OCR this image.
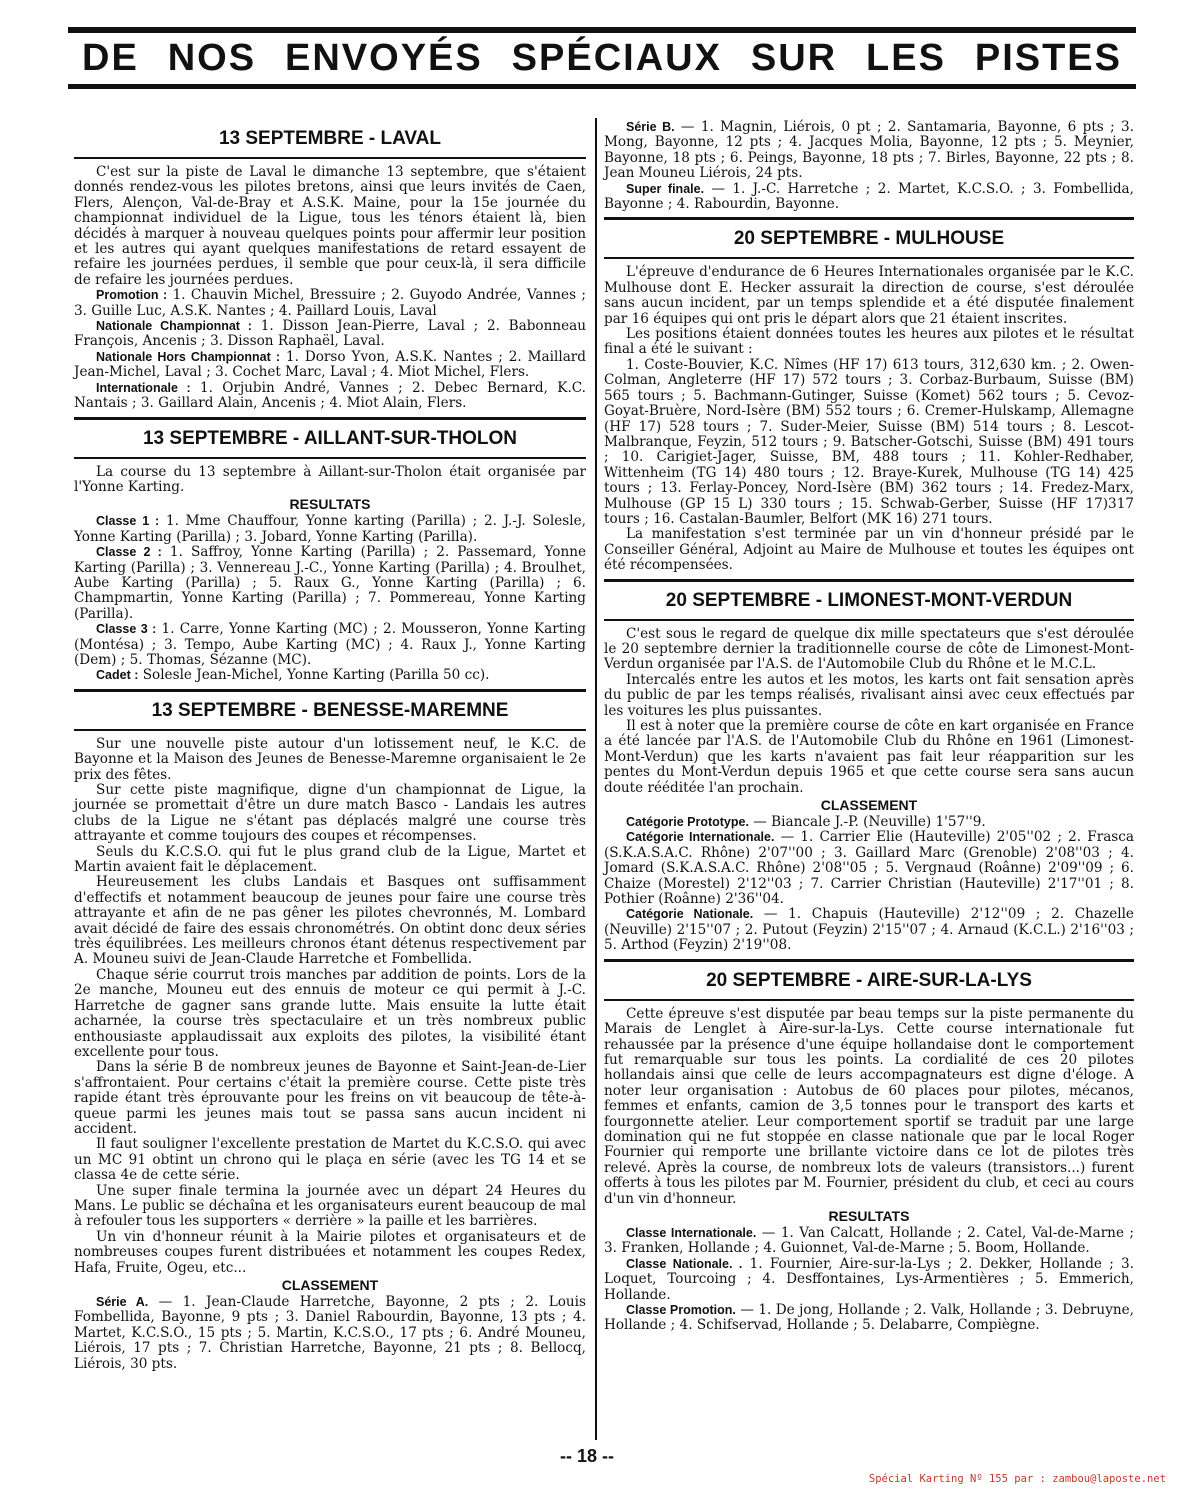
DE NOS ENVOYÉS SPÉCIAUX SUR LES PISTES
13 SEPTEMBRE - LAVAL

C'est sur la piste de Laval le dimanche 13 septembre, que s'étaient donnés rendez-vous les pilotes bretons, ainsi que leurs invités de Caen, Flers, Alençon, Val-de-Bray et A.S.K. Maine, pour la 15e journée du championnat individuel de la Ligue, tous les ténors étaient là, bien décidés à marquer à nouveau quelques points pour affermir leur position et les autres qui ayant quelques manifestations de retard essayent de refaire les journées perdues, il semble que pour ceux-là, il sera difficile de refaire les journées perdues.

Promotion : 1. Chauvin Michel, Bressuire ; 2. Guyodo Andrée, Vannes ; 3. Guille Luc, A.S.K. Nantes ; 4. Paillard Louis, Laval

Nationale Championnat : 1. Disson Jean-Pierre, Laval ; 2. Babonneau François, Ancenis ; 3. Disson Raphaël, Laval.

Nationale Hors Championnat : 1. Dorso Yvon, A.S.K. Nantes ; 2. Maillard Jean-Michel, Laval ; 3. Cochet Marc, Laval ; 4. Miot Michel, Flers.

Internationale : 1. Orjubin André, Vannes ; 2. Debec Bernard, K.C. Nantais ; 3. Gaillard Alain, Ancenis ; 4. Miot Alain, Flers.

13 SEPTEMBRE - AILLANT-SUR-THOLON

La course du 13 septembre à Aillant-sur-Tholon était organisée par l'Yonne Karting.

RESULTATS

Classe 1 : 1. Mme Chauffour, Yonne karting (Parilla) ; 2. J.-J. Solesle, Yonne Karting (Parilla) ; 3. Jobard, Yonne Karting (Parilla).

Classe 2 : 1. Saffroy, Yonne Karting (Parilla) ; 2. Passemard, Yonne Karting (Parilla) ; 3. Vennereau J.-C., Yonne Karting (Parilla) ; 4. Broulhet, Aube Karting (Parilla) ; 5. Raux G., Yonne Karting (Parilla) ; 6. Champmartin, Yonne Karting (Parilla) ; 7. Pommereau, Yonne Karting (Parilla).

Classe 3 : 1. Carre, Yonne Karting (MC) ; 2. Mousseron, Yonne Karting (Montésa) ; 3. Tempo, Aube Karting (MC) ; 4. Raux J., Yonne Karting (Dem) ; 5. Thomas, Sézanne (MC).

Cadet : Solesle Jean-Michel, Yonne Karting (Parilla 50 cc).

13 SEPTEMBRE - BENESSE-MAREMNE

Sur une nouvelle piste autour d'un lotissement neuf, le K.C. de Bayonne et la Maison des Jeunes de Benesse-Maremne organisaient le 2e prix des fêtes.

Sur cette piste magnifique, digne d'un championnat de Ligue, la journée se promettait d'être un dure match Basco - Landais les autres clubs de la Ligue ne s'étant pas déplacés malgré une course très attrayante et comme toujours des coupes et récompenses.

Seuls du K.C.S.O. qui fut le plus grand club de la Ligue, Martet et Martin avaient fait le déplacement.

Heureusement les clubs Landais et Basques ont suffisamment d'effectifs et notamment beaucoup de jeunes pour faire une course très attrayante et afin de ne pas gêner les pilotes chevronnés, M. Lombard avait décidé de faire des essais chronométrés. On obtint donc deux séries très équilibrées. Les meilleurs chronos étant détenus respectivement par A. Mouneu suivi de Jean-Claude Harretche et Fombellida.

Chaque série courrut trois manches par addition de points. Lors de la 2e manche, Mouneu eut des ennuis de moteur ce qui permit à J.-C. Harretche de gagner sans grande lutte. Mais ensuite la lutte était acharnée, la course très spectaculaire et un très nombreux public enthousiaste applaudissait aux exploits des pilotes, la visibilité étant excellente pour tous.

Dans la série B de nombreux jeunes de Bayonne et Saint-Jean-de-Lier s'affrontaient. Pour certains c'était la première course. Cette piste très rapide étant très éprouvante pour les freins on vit beaucoup de tête-à-queue parmi les jeunes mais tout se passa sans aucun incident ni accident.

Il faut souligner l'excellente prestation de Martet du K.C.S.O. qui avec un MC 91 obtint un chrono qui le plaça en série (avec les TG 14 et se classa 4e de cette série.

Une super finale termina la journée avec un départ 24 Heures du Mans. Le public se déchaîna et les organisateurs eurent beaucoup de mal à refouler tous les supporters « derrière » la paille et les barrières.

Un vin d'honneur réunit à la Mairie pilotes et organisateurs et de nombreuses coupes furent distribuées et notamment les coupes Redex, Hafa, Fruite, Ogeu, etc...

CLASSEMENT

Série A. — 1. Jean-Claude Harretche, Bayonne, 2 pts ; 2. Louis Fombellida, Bayonne, 9 pts ; 3. Daniel Rabourdin, Bayonne, 13 pts ; 4. Martet, K.C.S.O., 15 pts ; 5. Martin, K.C.S.O., 17 pts ; 6. André Mouneu, Liérois, 17 pts ; 7. Christian Harretche, Bayonne, 21 pts ; 8. Bellocq, Liérois, 30 pts.

Série B. — 1. Magnin, Liérois, 0 pt ; 2. Santamaria, Bayonne, 6 pts ; 3. Mong, Bayonne, 12 pts ; 4. Jacques Molia, Bayonne, 12 pts ; 5. Meynier, Bayonne, 18 pts ; 6. Peings, Bayonne, 18 pts ; 7. Birles, Bayonne, 22 pts ; 8. Jean Mouneu Liérois, 24 pts.

Super finale. — 1. J.-C. Harretche ; 2. Martet, K.C.S.O. ; 3. Fombellida, Bayonne ; 4. Rabourdin, Bayonne.

20 SEPTEMBRE - MULHOUSE

L'épreuve d'endurance de 6 Heures Internationales organisée par le K.C. Mulhouse dont E. Hecker assurait la direction de course, s'est déroulée sans aucun incident, par un temps splendide et a été disputée finalement par 16 équipes qui ont pris le départ alors que 21 étaient inscrites.

Les positions étaient données toutes les heures aux pilotes et le résultat final a été le suivant :

1. Coste-Bouvier, K.C. Nîmes (HF 17) 613 tours, 312,630 km. ; 2. Owen-Colman, Angleterre (HF 17) 572 tours ; 3. Corbaz-Burbaum, Suisse (BM) 565 tours ; 5. Bachmann-Gutinger, Suisse (Komet) 562 tours ; 5. Cevoz-Goyat-Bruère, Nord-Isère (BM) 552 tours ; 6. Cremer-Hulskamp, Allemagne (HF 17) 528 tours ; 7. Suder-Meier, Suisse (BM) 514 tours ; 8. Lescot-Malbranque, Feyzin, 512 tours ; 9. Batscher-Gotschi, Suisse (BM) 491 tours ; 10. Carigiet-Jager, Suisse, BM, 488 tours ; 11. Kohler-Redhaber, Wittenheim (TG 14) 480 tours ; 12. Braye-Kurek, Mulhouse (TG 14) 425 tours ; 13. Ferlay-Poncey, Nord-Isère (BM) 362 tours ; 14. Fredez-Marx, Mulhouse (GP 15 L) 330 tours ; 15. Schwab-Gerber, Suisse (HF 17)317 tours ; 16. Castalan-Baumler, Belfort (MK 16) 271 tours.

La manifestation s'est terminée par un vin d'honneur présidé par le Conseiller Général, Adjoint au Maire de Mulhouse et toutes les équipes ont été récompensées.

20 SEPTEMBRE - LIMONEST-MONT-VERDUN

C'est sous le regard de quelque dix mille spectateurs que s'est déroulée le 20 septembre dernier la traditionnelle course de côte de Limonest-Mont-Verdun organisée par l'A.S. de l'Automobile Club du Rhône et le M.C.L.

Intercalés entre les autos et les motos, les karts ont fait sensation après du public de par les temps réalisés, rivalisant ainsi avec ceux effectués par les voitures les plus puissantes.

Il est à noter que la première course de côte en kart organisée en France a été lancée par l'A.S. de l'Automobile Club du Rhône en 1961 (Limonest-Mont-Verdun) que les karts n'avaient pas fait leur réapparition sur les pentes du Mont-Verdun depuis 1965 et que cette course sera sans aucun doute rééditée l'an prochain.

CLASSEMENT

Catégorie Prototype. — Biancale J.-P. (Neuville) 1'57''9.

Catégorie Internationale. — 1. Carrier Elie (Hauteville) 2'05''02 ; 2. Frasca (S.K.A.S.A.C. Rhône) 2'07''00 ; 3. Gaillard Marc (Grenoble) 2'08''03 ; 4. Jomard (S.K.A.S.A.C. Rhône) 2'08''05 ; 5. Vergnaud (Roânne) 2'09''09 ; 6. Chaize (Morestel) 2'12''03 ; 7. Carrier Christian (Hauteville) 2'17''01 ; 8. Pothier (Roânne) 2'36''04.

Catégorie Nationale. — 1. Chapuis (Hauteville) 2'12''09 ; 2. Chazelle (Neuville) 2'15''07 ; 2. Putout (Feyzin) 2'15''07 ; 4. Arnaud (K.C.L.) 2'16''03 ; 5. Arthod (Feyzin) 2'19''08.

20 SEPTEMBRE - AIRE-SUR-LA-LYS

Cette épreuve s'est disputée par beau temps sur la piste permanente du Marais de Lenglet à Aire-sur-la-Lys. Cette course internationale fut rehaussée par la présence d'une équipe hollandaise dont le comportement fut remarquable sur tous les points. La cordialité de ces 20 pilotes hollandais ainsi que celle de leurs accompagnateurs est digne d'éloge. A noter leur organisation : Autobus de 60 places pour pilotes, mécanos, femmes et enfants, camion de 3,5 tonnes pour le transport des karts et fourgonnette atelier. Leur comportement sportif se traduit par une large domination qui ne fut stoppée en classe nationale que par le local Roger Fournier qui remporte une brillante victoire dans ce lot de pilotes très relevé. Après la course, de nombreux lots de valeurs (transistors...) furent offerts à tous les pilotes par M. Fournier, président du club, et ceci au cours d'un vin d'honneur.

RESULTATS

Classe Internationale. — 1. Van Calcatt, Hollande ; 2. Catel, Val-de-Marne ; 3. Franken, Hollande ; 4. Guionnet, Val-de-Marne ; 5. Boom, Hollande.

Classe Nationale. . 1. Fournier, Aire-sur-la-Lys ; 2. Dekker, Hollande ; 3. Loquet, Tourcoing ; 4. Desffontaines, Lys-Armentières ; 5. Emmerich, Hollande.

Classe Promotion. — 1. De jong, Hollande ; 2. Valk, Hollande ; 3. Debruyne, Hollande ; 4. Schifservad, Hollande ; 5. Delabarre, Compiègne.

-- 18 --
Spécial Karting Nº 155 par : zambou@laposte.net
